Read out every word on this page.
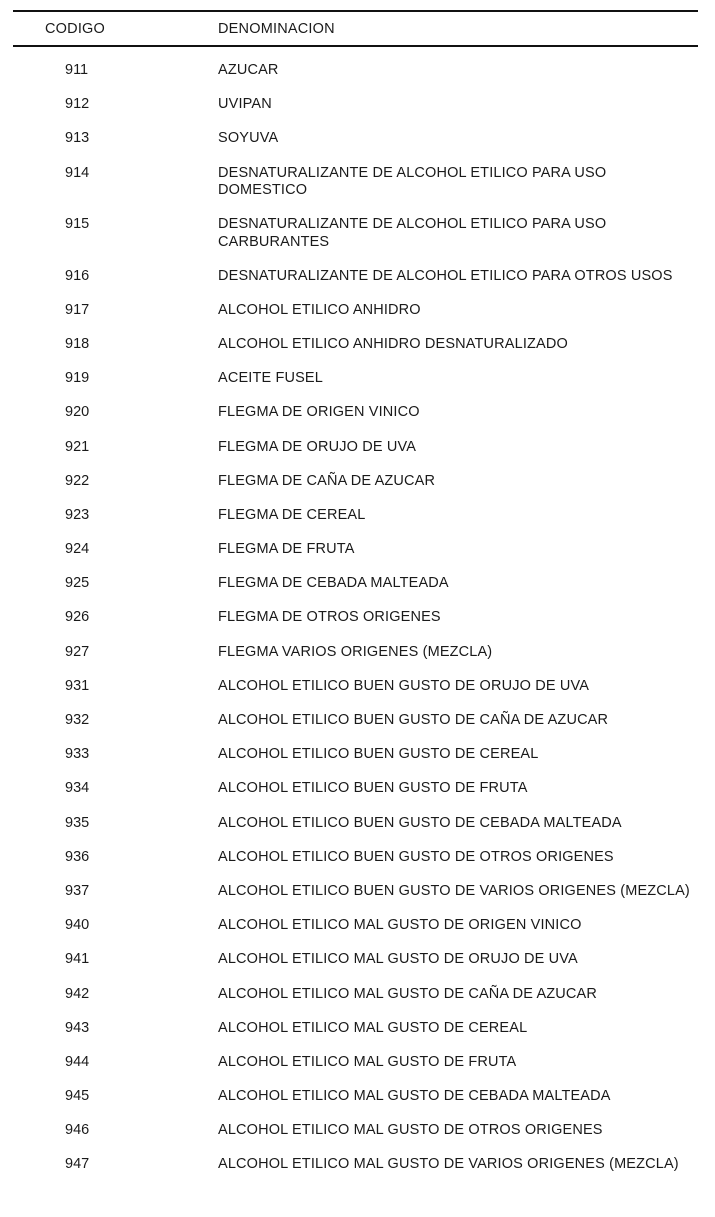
CODIGO	DENOMINACION
911	AZUCAR
912	UVIPAN
913	SOYUVA
914	DESNATURALIZANTE DE ALCOHOL ETILICO PARA USO DOMESTICO
915	DESNATURALIZANTE DE ALCOHOL ETILICO PARA USO CARBURANTES
916	DESNATURALIZANTE DE ALCOHOL ETILICO PARA OTROS USOS
917	ALCOHOL ETILICO ANHIDRO
918	ALCOHOL ETILICO ANHIDRO DESNATURALIZADO
919	ACEITE FUSEL
920	FLEGMA DE ORIGEN VINICO
921	FLEGMA DE ORUJO DE UVA
922	FLEGMA DE CAÑA DE AZUCAR
923	FLEGMA DE CEREAL
924	FLEGMA DE FRUTA
925	FLEGMA DE CEBADA MALTEADA
926	FLEGMA DE OTROS ORIGENES
927	FLEGMA VARIOS ORIGENES (MEZCLA)
931	ALCOHOL ETILICO BUEN GUSTO DE ORUJO DE UVA
932	ALCOHOL ETILICO BUEN GUSTO DE CAÑA DE AZUCAR
933	ALCOHOL ETILICO BUEN GUSTO DE CEREAL
934	ALCOHOL ETILICO BUEN GUSTO DE FRUTA
935	ALCOHOL ETILICO BUEN GUSTO DE CEBADA MALTEADA
936	ALCOHOL ETILICO BUEN GUSTO DE OTROS ORIGENES
937	ALCOHOL ETILICO BUEN GUSTO DE VARIOS ORIGENES (MEZCLA)
940	ALCOHOL ETILICO MAL GUSTO DE ORIGEN VINICO
941	ALCOHOL ETILICO MAL GUSTO DE ORUJO DE UVA
942	ALCOHOL ETILICO MAL GUSTO DE CAÑA DE AZUCAR
943	ALCOHOL ETILICO MAL GUSTO DE CEREAL
944	ALCOHOL ETILICO MAL GUSTO DE FRUTA
945	ALCOHOL ETILICO MAL GUSTO DE CEBADA MALTEADA
946	ALCOHOL ETILICO MAL GUSTO DE OTROS ORIGENES
947	ALCOHOL ETILICO MAL GUSTO DE VARIOS ORIGENES (MEZCLA)
